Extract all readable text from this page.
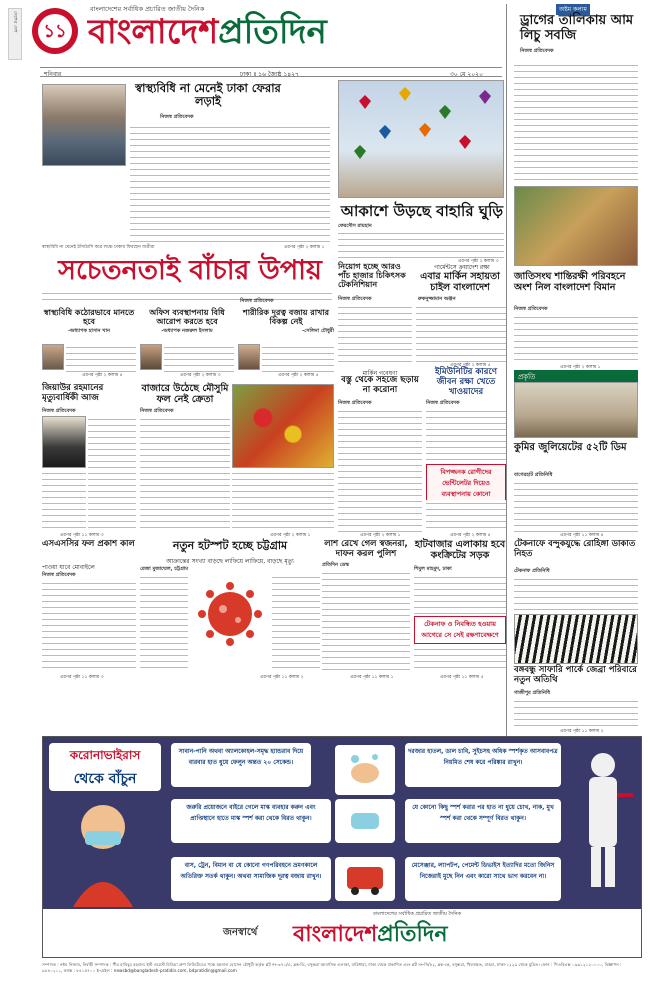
দেশের দেশ ১১
বাংলাদেশের সর্বাধিক প্রচারিত জাতীয় দৈনিক
বাংলাদেশপ্রতিদিন
অষ্টম কলাম
ড্রাগের তালিকায় আম লিচু সবজি
নিজস্ব প্রতিবেদক
শনিবার	ঢাকা ॥ ১৬ জ্যৈষ্ঠ ১৪২৭	৩০ মে ২০২০
স্বাস্থ্যবিধি না মেনেই ঢাকা ফেরার লড়াই
নিজস্ব প্রতিবেদক
স্বাস্থ্যবিধি না মেনেই ঠাঁসাঠাসি করে লঞ্চে ঢাকায় ফিরছেন যাত্রীরা	এরপর পৃষ্ঠা ২ কলাম ১
আকাশে উড়ছে বাহারি ঘুড়ি
ফেরদৌস রায়হান
এরপর পৃষ্ঠা ২ কলাম ৩
জাতিসংঘ শান্তিরক্ষী পরিবহনে অংশ নিল বাংলাদেশ বিমান
নিজস্ব প্রতিবেদক
এরপর পৃষ্ঠা ২ কলাম ১
সচেতনতাই বাঁচার উপায়
নিজস্ব প্রতিবেদক
নিয়োগ হচ্ছে আরও পাঁচ হাজার চিকিৎসক টেকনিশিয়ান
নিজস্ব প্রতিবেদক
গার্মেন্টসে ক্রয়াদেশ রক্ষা
এবার মার্কিন সহায়তা চাইল বাংলাদেশ
রুকনুজ্জামান অঞ্জন
এরপর পৃষ্ঠা ২ কলাম ৫
স্বাস্থ্যবিধি কঠোরভাবে মানতে হবে
-অধ্যাপক হাসান খান
এরপর পৃষ্ঠা ২ কলাম ৪
অফিস ব্যবস্থাপনায় বিধি আরোপ করতে হবে
-অধ্যাপক নজরুল ইসলাম
এরপর পৃষ্ঠা ২ কলাম ৩
শারীরিক দূরত্ব বজায় রাখার বিকল্প নেই
-সেলিনা চৌধুরী
এরপর পৃষ্ঠা ২ কলাম ৫
জিয়াউর রহমানের মৃত্যুবার্ষিকী আজ
নিজস্ব প্রতিবেদক
এরপর পৃষ্ঠা ১১ কলাম ৩
বাজারে উঠেছে মৌসুমি ফল নেই ক্রেতা
নিজস্ব প্রতিবেদক
এরপর পৃষ্ঠা ২ কলাম ১
মার্কিন গবেষণা
বস্তু থেকে সহজে ছড়ায় না করোনা
নিজস্ব প্রতিবেদক
এরপর পৃষ্ঠা ২ কলাম ১
ইমিউনিটির কারণে জীবন রক্ষা খেতে খাওয়াদের
নিজস্ব প্রতিবেদক
বিপজ্জনক রোগীদের ভেন্টিলেটর দিয়েও ব্যবস্থাপনায় কোনো
এরপর পৃষ্ঠা ২ কলাম ৪
প্রকৃতি
কুমির জুলিয়েটের ৫২টি ডিম
বাগেরহাট প্রতিনিধি
এরপর পৃষ্ঠা ১১ কলাম ৪
এসএসসির ফল প্রকাশ কাল
পাওয়া যাবে মোবাইলে
নিজস্ব প্রতিবেদক
এরপর পৃষ্ঠা ১১ কলাম ৩
নতুন হটস্পট হচ্ছে চট্টগ্রাম
আক্রান্তের সংখ্যা বাড়ছে লাফিয়ে লাফিয়ে, বাড়ছে মৃত্যু
রেজা মুজাম্মেল, চট্টগ্রাম
এরপর পৃষ্ঠা ১১ কলাম ২
লাশ রেখে গেল স্বজনরা, দাফন করল পুলিশ
প্রতিদিন ডেস্ক
এরপর পৃষ্ঠা ১১ কলাম ১
হাটবাজার এলাকায় হবে কংক্রিটের সড়ক
শিমুল মাহমুদ, ঢাকা
টেকনাফ ও নিবন্ধিত হওয়ায় আগেরে সে সেই রক্ষণাবেক্ষণে
এরপর পৃষ্ঠা ১১ কলাম ৫
টেকনাফে বন্দুকযুদ্ধে রোহিঙ্গা ডাকাত নিহত
টেকনাফ প্রতিনিধি
বঙ্গবন্ধু সাফারি পার্কে জেব্রা পরিবারে নতুন অতিথি
গাজীপুর প্রতিনিধি
এরপর পৃষ্ঠা ১১ কলাম ২
করোনাভাইরাস
থেকে বাঁচুন
সাবান-পানি অথবা অ্যালকোহল-সমৃদ্ধ হ্যান্ডরাব দিয়ে বারবার হাত ধুয়ে ফেলুন অন্তত ২০ সেকেন্ড।
জরুরি প্রয়োজনে বাইরে গেলে মাস্ক ব্যবহার করুন এবং প্রাপ্তিস্থানে হাতে মাস্ক স্পর্শ করা থেকে বিরত থাকুন।
বাস, ট্রেন, বিমান বা যে কোনো গণপরিবহনে ভ্রমণকালে অতিরিক্ত সতর্ক থাকুন। অথবা সামাজিক দূরত্ব বজায় রাখুন।
দরজার হাতল, ডাল চাবি, সুইচসহ অধিক স্পর্শকৃত আসবাবপত্র নিয়মিত শেষ করে পরিষ্কার রাখুন।
যে কোনো কিছু স্পর্শ করার পর হাত না ধুয়ে চোখ, নাক, মুখ স্পর্শ করা থেকে সম্পূর্ণ বিরত থাকুন।
মেসেঞ্জার, ল্যাপটপ, পেমেন্ট ডিভাইস ইত্যাদির মতো জিনিস নিজেরাই মুছে নিন এবং কারো সাথে ভাগ করবেন না।
বাংলাদেশের সর্বাধিক প্রচারিত জাতীয় দৈনিক
জনস্বার্থে বাংলাদেশপ্রতিদিন
সম্পাদক : নঈম নিজাম, নির্বাহী সম্পাদক : পীর হাবিবুর রহমান। ইস্ট ওয়েস্ট মিডিয়া গ্রুপ লিমিটেডের পক্ষে ময়নাল হোসেন চৌধুরী কর্তৃক প্লট নং-৩৭১/এ, ব্লক-ডি, বসুন্ধরা আবাসিক এলাকা, বারিধারা, ঢাকা থেকে প্রকাশিত এবং প্লট নং-সি/৫২, ব্লক-কে, বসুন্ধরা, খিলক্ষেত, বাড্ডা, ঢাকা-১২২৯ থেকে মুদ্রিত। ফোন : পিএবিএক্স ০৯৬১২১২০০০০, বিজ্ঞাপন : ৯৮৪০২১১, ফ্যাক্স : ৮৪১৫৭০০ ই-মেইল : newsbd@bangladesh-pratidin.com, bdpratidin@gmail.com
